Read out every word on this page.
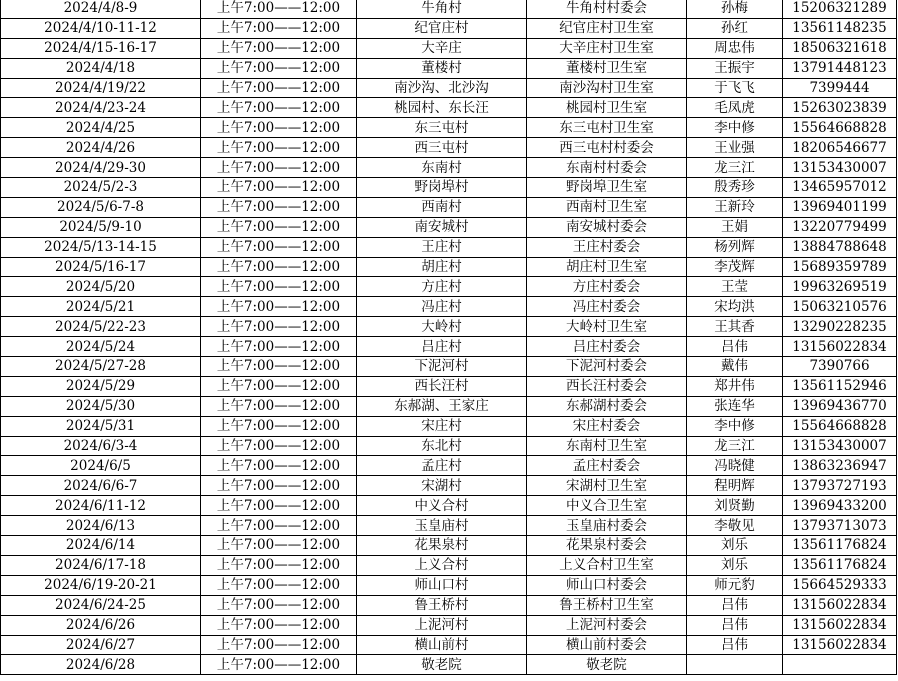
2024/4/8-9	上午7:00——12:00	牛角村	牛角村村委会	孙梅	15206321289
2024/4/10-11-12	上午7:00——12:00	纪官庄村	纪官庄村卫生室	孙红	13561148235
2024/4/15-16-17	上午7:00——12:00	大辛庄	大辛庄村卫生室	周忠伟	18506321618
2024/4/18	上午7:00——12:00	董楼村	董楼村卫生室	王振宇	13791448123
2024/4/19/22	上午7:00——12:00	南沙沟、北沙沟	南沙沟村卫生室	于飞飞	7399444
2024/4/23-24	上午7:00——12:00	桃园村、东长汪	桃园村卫生室	毛凤虎	15263023839
2024/4/25	上午7:00——12:00	东三屯村	东三屯村卫生室	李中修	15564668828
2024/4/26	上午7:00——12:00	西三屯村	西三屯村村委会	王业强	18206546677
2024/4/29-30	上午7:00——12:00	东南村	东南村村委会	龙三江	13153430007
2024/5/2-3	上午7:00——12:00	野岗埠村	野岗埠卫生室	殷秀珍	13465957012
2024/5/6-7-8	上午7:00——12:00	西南村	西南村卫生室	王新玲	13969401199
2024/5/9-10	上午7:00——12:00	南安城村	南安城村委会	王娟	13220779499
2024/5/13-14-15	上午7:00——12:00	王庄村	王庄村委会	杨列辉	13884788648
2024/5/16-17	上午7:00——12:00	胡庄村	胡庄村卫生室	李茂辉	15689359789
2024/5/20	上午7:00——12:00	方庄村	方庄村委会	王莹	19963269519
2024/5/21	上午7:00——12:00	冯庄村	冯庄村委会	宋均洪	15063210576
2024/5/22-23	上午7:00——12:00	大岭村	大岭村卫生室	王其香	13290228235
2024/5/24	上午7:00——12:00	吕庄村	吕庄村委会	吕伟	13156022834
2024/5/27-28	上午7:00——12:00	下泥河村	下泥河村委会	戴伟	7390766
2024/5/29	上午7:00——12:00	西长汪村	西长汪村委会	郑井伟	13561152946
2024/5/30	上午7:00——12:00	东郝湖、王家庄	东郝湖村委会	张连华	13969436770
2024/5/31	上午7:00——12:00	宋庄村	宋庄村委会	李中修	15564668828
2024/6/3-4	上午7:00——12:00	东北村	东南村卫生室	龙三江	13153430007
2024/6/5	上午7:00——12:00	孟庄村	孟庄村委会	冯晓健	13863236947
2024/6/6-7	上午7:00——12:00	宋湖村	宋湖村卫生室	程明辉	13793727193
2024/6/11-12	上午7:00——12:00	中义合村	中义合卫生室	刘贤勤	13969433200
2024/6/13	上午7:00——12:00	玉皇庙村	玉皇庙村委会	李敬见	13793713073
2024/6/14	上午7:00——12:00	花果泉村	花果泉村委会	刘乐	13561176824
2024/6/17-18	上午7:00——12:00	上义合村	上义合村卫生室	刘乐	13561176824
2024/6/19-20-21	上午7:00——12:00	师山口村	师山口村委会	师元豹	15664529333
2024/6/24-25	上午7:00——12:00	鲁王桥村	鲁王桥村卫生室	吕伟	13156022834
2024/6/26	上午7:00——12:00	上泥河村	上泥河村委会	吕伟	13156022834
2024/6/27	上午7:00——12:00	横山前村	横山前村委会	吕伟	13156022834
2024/6/28	上午7:00——12:00	敬老院	敬老院		
